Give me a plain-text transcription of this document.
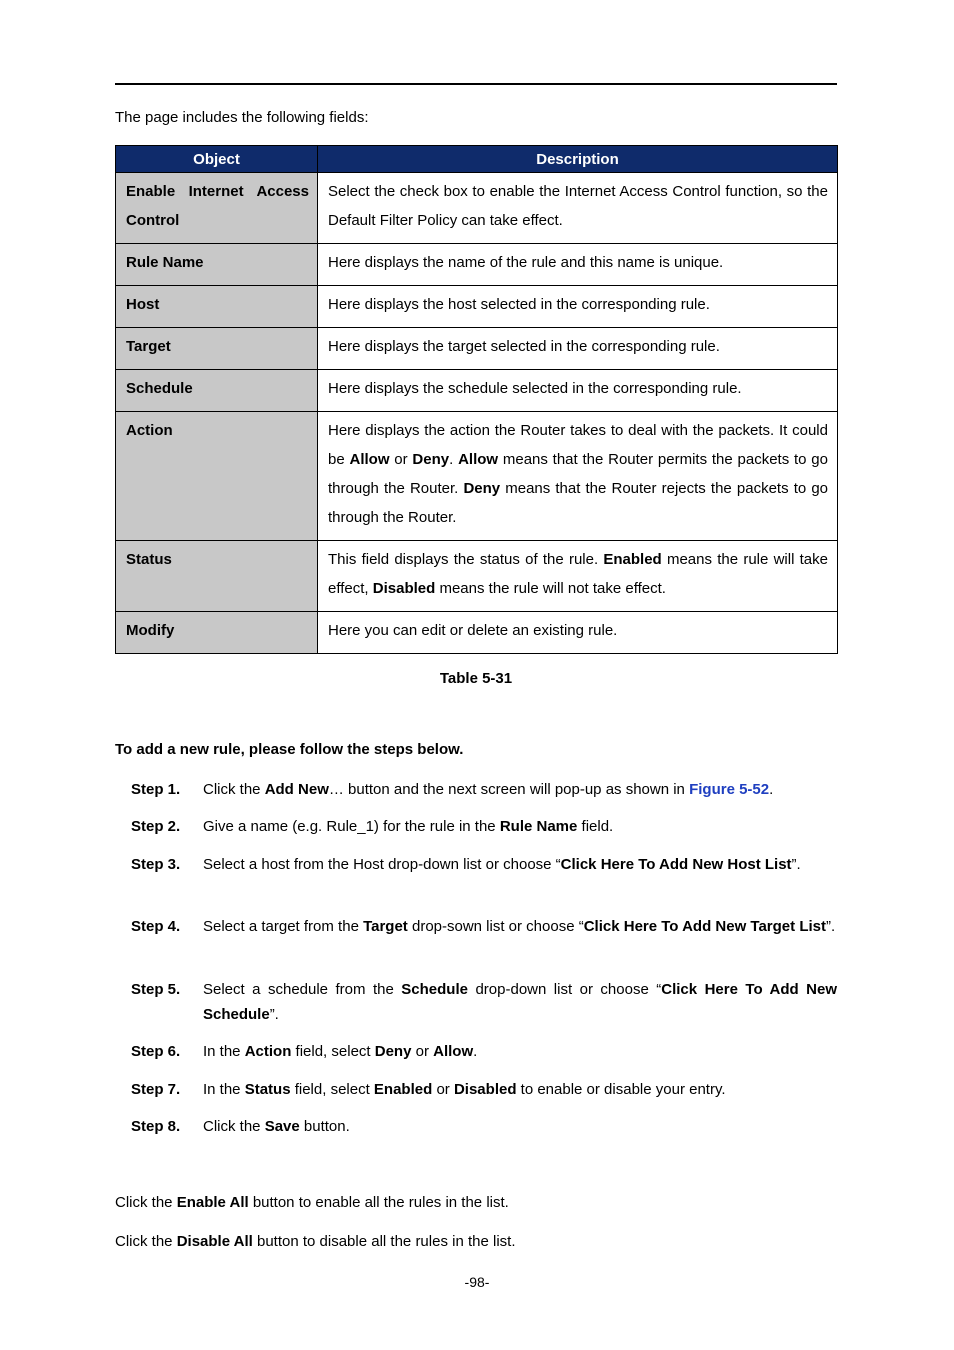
The page includes the following fields:

Object	Description
Enable Internet Access Control	Select the check box to enable the Internet Access Control function, so the Default Filter Policy can take effect.
Rule Name	Here displays the name of the rule and this name is unique.
Host	Here displays the host selected in the corresponding rule.
Target	Here displays the target selected in the corresponding rule.
Schedule	Here displays the schedule selected in the corresponding rule.
Action	Here displays the action the Router takes to deal with the packets. It could be Allow or Deny. Allow means that the Router permits the packets to go through the Router. Deny means that the Router rejects the packets to go through the Router.
Status	This field displays the status of the rule. Enabled means the rule will take effect, Disabled means the rule will not take effect.
Modify	Here you can edit or delete an existing rule.
Table 5-31

To add a new rule, please follow the steps below.

Step 1. Click the Add New… button and the next screen will pop-up as shown in Figure 5-52.
Step 2. Give a name (e.g. Rule_1) for the rule in the Rule Name field.
Step 3. Select a host from the Host drop-down list or choose “Click Here To Add New Host List”.
Step 4. Select a target from the Target drop-sown list or choose “Click Here To Add New Target List”.
Step 5. Select a schedule from the Schedule drop-down list or choose “Click Here To Add New Schedule”.
Step 6. In the Action field, select Deny or Allow.
Step 7. In the Status field, select Enabled or Disabled to enable or disable your entry.
Step 8. Click the Save button.

Click the Enable All button to enable all the rules in the list.

Click the Disable All button to disable all the rules in the list.

-98-
